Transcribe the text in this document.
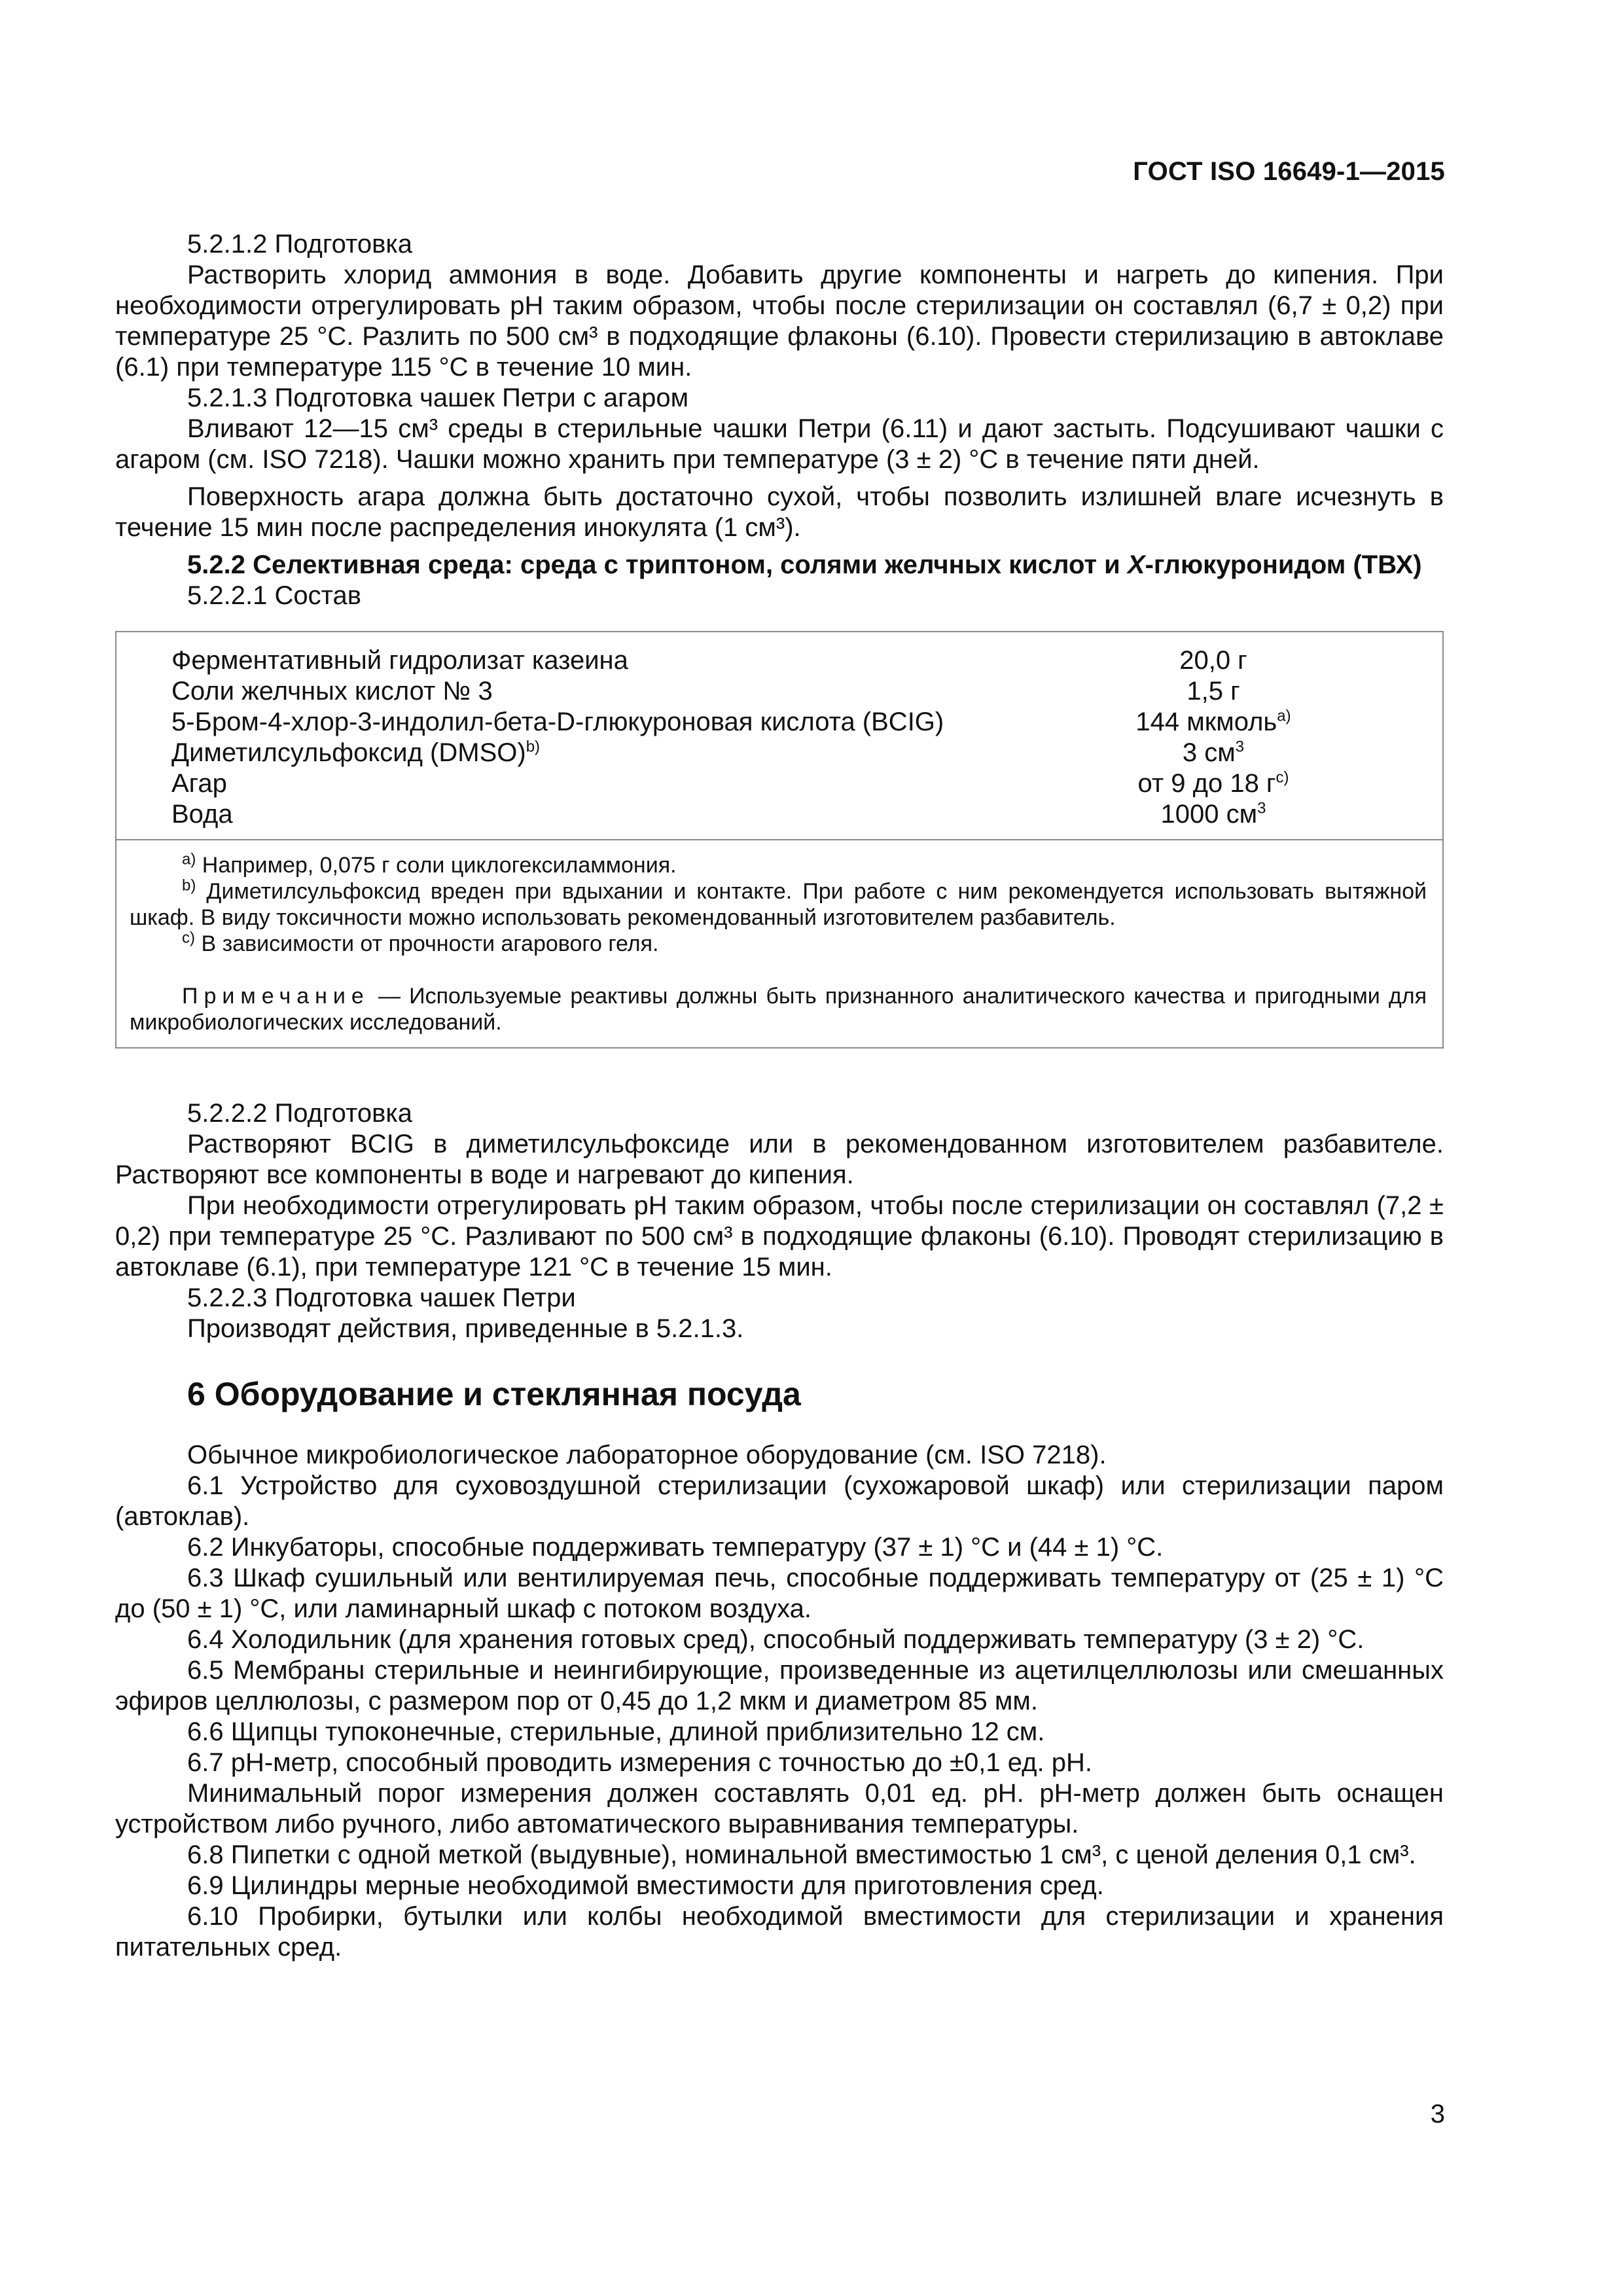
ГОСТ ISO 16649-1—2015

5.2.1.2 Подготовка

Растворить хлорид аммония в воде. Добавить другие компоненты и нагреть до кипения. При необходимости отрегулировать pH таким образом, чтобы после стерилизации он составлял (6,7 ± 0,2) при температуре 25 °С. Разлить по 500 см³ в подходящие флаконы (6.10). Провести стерилизацию в автоклаве (6.1) при температуре 115 °С в течение 10 мин.

5.2.1.3 Подготовка чашек Петри с агаром

Вливают 12—15 см³ среды в стерильные чашки Петри (6.11) и дают застыть. Подсушивают чашки с агаром (см. ISO 7218). Чашки можно хранить при температуре (3 ± 2) °С в течение пяти дней.

Поверхность агара должна быть достаточно сухой, чтобы позволить излишней влаге исчезнуть в течение 15 мин после распределения инокулята (1 см³).

5.2.2 Селективная среда: среда с триптоном, солями желчных кислот и Х-глюкуронидом (ТВХ)

5.2.2.1 Состав

Ферментативный гидролизат казеина	20,0 г
Соли желчных кислот № 3	1,5 г
5-Бром-4-хлор-3-индолил-бета-D-глюкуроновая кислота (BCIG)	144 мкмоль$^{a)}$
Диметилсульфоксид (DMSO)$^{b)}$	3 $см^3$
Агар	от 9 до 18 $г^{c)}$
Вода	1000 $см^3$

$^{a)}$ Например, 0,075 г соли циклогексиламмония.

$^{b)}$ Диметилсульфоксид вреден при вдыхании и контакте. При работе с ним рекомендуется использовать вытяжной шкаф. В виду токсичности можно использовать рекомендованный изготовителем разбавитель.

$^{c)}$ В зависимости от прочности агарового геля.

Примечание — Используемые реактивы должны быть признанного аналитического качества и пригодными для микробиологических исследований.

5.2.2.2 Подготовка

Растворяют BCIG в диметилсульфоксиде или в рекомендованном изготовителем разбавителе. Растворяют все компоненты в воде и нагревают до кипения.

При необходимости отрегулировать pH таким образом, чтобы после стерилизации он составлял (7,2 ± 0,2) при температуре 25 °С. Разливают по 500 см³ в подходящие флаконы (6.10). Проводят стерилизацию в автоклаве (6.1), при температуре 121 °С в течение 15 мин.

5.2.2.3 Подготовка чашек Петри

Производят действия, приведенные в 5.2.1.3.

6 Оборудование и стеклянная посуда

Обычное микробиологическое лабораторное оборудование (см. ISO 7218).

6.1 Устройство для суховоздушной стерилизации (сухожаровой шкаф) или стерилизации паром (автоклав).

6.2 Инкубаторы, способные поддерживать температуру (37 ± 1) °С и (44 ± 1) °С.

6.3 Шкаф сушильный или вентилируемая печь, способные поддерживать температуру от (25 ± 1) °С до (50 ± 1) °С, или ламинарный шкаф с потоком воздуха.

6.4 Холодильник (для хранения готовых сред), способный поддерживать температуру (3 ± 2) °С.

6.5 Мембраны стерильные и неингибирующие, произведенные из ацетилцеллюлозы или смешанных эфиров целлюлозы, с размером пор от 0,45 до 1,2 мкм и диаметром 85 мм.

6.6 Щипцы тупоконечные, стерильные, длиной приблизительно 12 см.

6.7 pH-метр, способный проводить измерения с точностью до ±0,1 ед. pH.

Минимальный порог измерения должен составлять 0,01 ед. pH. pH-метр должен быть оснащен устройством либо ручного, либо автоматического выравнивания температуры.

6.8 Пипетки с одной меткой (выдувные), номинальной вместимостью 1 см³, с ценой деления 0,1 см³.

6.9 Цилиндры мерные необходимой вместимости для приготовления сред.

6.10 Пробирки, бутылки или колбы необходимой вместимости для стерилизации и хранения питательных сред.

3
